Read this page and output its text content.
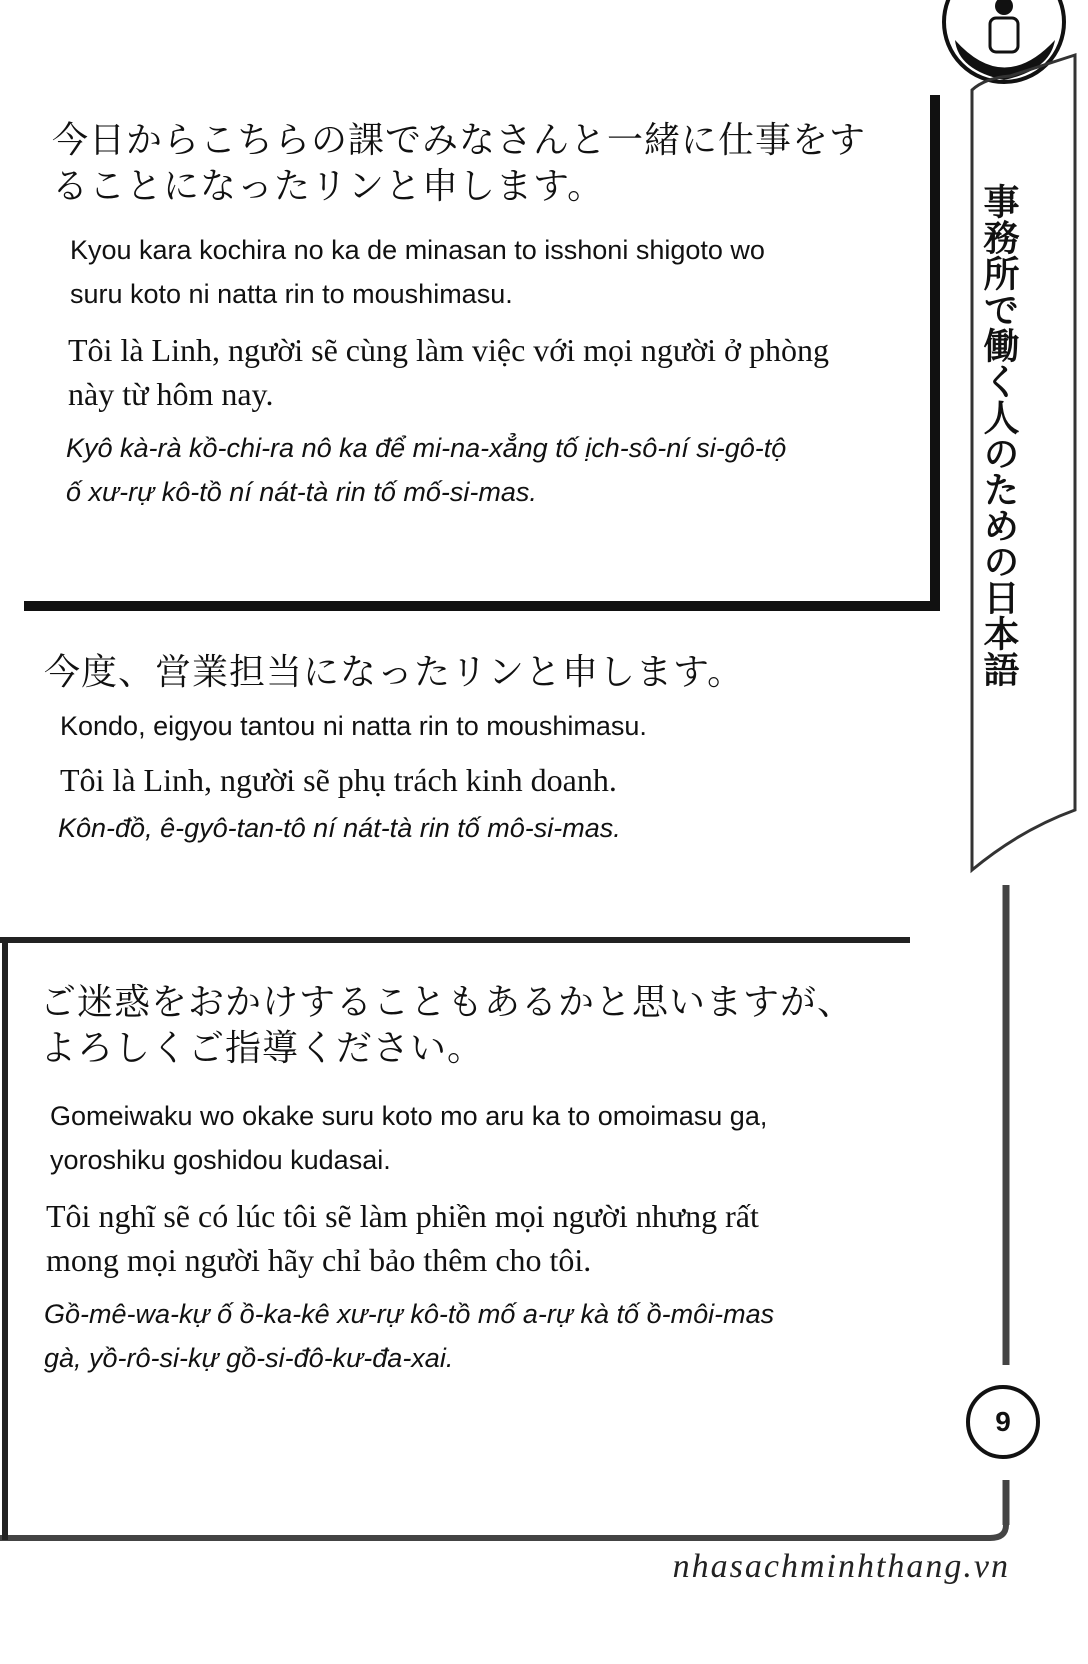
今日からこちらの課でみなさんと一緒に仕事をす
ることになったリンと申します。
Kyou kara kochira no ka de minasan to isshoni shigoto wo
suru koto ni natta rin to moushimasu.
Tôi là Linh, người sẽ cùng làm việc với mọi người ở phòng
này từ hôm nay.
Kyô kà-rà kồ-chi-ra nô ka để mi-na-xẳng tố ịch-sô-ní si-gô-tộ
ố xư-rự kô-tồ ní nát-tà rin tố mố-si-mas.
今度、営業担当になったリンと申します。
Kondo, eigyou tantou ni natta rin to moushimasu.
Tôi là Linh, người sẽ phụ trách kinh doanh.
Kôn-đồ, ê-gyô-tan-tô ní nát-tà rin tố mô-si-mas.
ご迷惑をおかけすることもあるかと思いますが、
よろしくご指導ください。
Gomeiwaku wo okake suru koto mo aru ka to omoimasu ga,
yoroshiku goshidou kudasai.
Tôi nghĩ sẽ có lúc tôi sẽ làm phiền mọi người nhưng rất
mong mọi người hãy chỉ bảo thêm cho tôi.
Gồ-mê-wa-kự ố ồ-ka-kê xư-rự kô-tồ mố a-rự kà tố ồ-môi-mas
gà, yồ-rô-si-kự gồ-si-đô-kư-đa-xai.
事務所で働く人のための日本語
9
nhasachminhthang.vn
